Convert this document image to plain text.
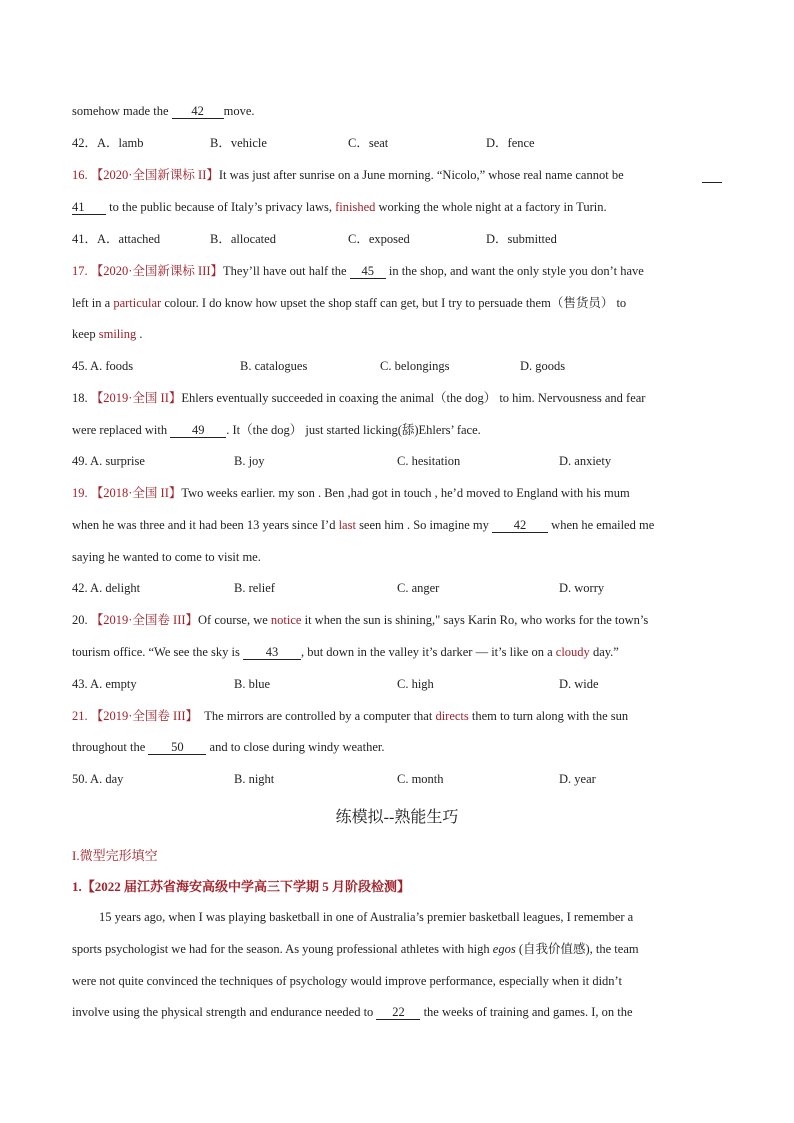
somehow made the 42 move.
42．A．lamb	B．vehicle	C．seat	D．fence
16. 【2020·全国新课标 II】It was just after sunrise on a June morning. “Nicolo,” whose real name cannot be

41 to the public because of Italy’s privacy laws, finished working the whole night at a factory in Turin.
41．A．attached	B．allocated	C．exposed	D．submitted
17. 【2020·全国新课标 III】They’ll have out half the 45 in the shop, and want the only style you don’t have
left in a particular colour. I do know how upset the shop staff can get, but I try to persuade them（售货员） to
keep smiling .
45. A. foods	B. catalogues	C. belongings	D. goods
18. 【2019·全国 II】Ehlers eventually succeeded in coaxing the animal（the dog） to him. Nervousness and fear
were replaced with 49 . It（the dog） just started licking(舔)Ehlers’ face.
49. A. surprise	B. joy	C. hesitation	D. anxiety
19. 【2018·全国 II】Two weeks earlier. my son . Ben ,had got in touch , he’d moved to England with his mum
when he was three and it had been 13 years since I’d last seen him . So imagine my 42 when he emailed me
saying he wanted to come to visit me.
42. A. delight	B. relief	C. anger	D. worry
20. 【2019·全国卷 III】Of course, we notice it when the sun is shining," says Karin Ro, who works for the town’s
tourism office. “We see the sky is 43 , but down in the valley it’s darker — it’s like on a cloudy day.”
43. A. empty	B. blue	C. high	D. wide
21. 【2019·全国卷 III】 The mirrors are controlled by a computer that directs them to turn along with the sun
throughout the 50 and to close during windy weather.
50. A. day	B. night	C. month	D. year
练模拟--熟能生巧
I.微型完形填空
1.【2022 届江苏省海安高级中学高三下学期 5 月阶段检测】
15 years ago, when I was playing basketball in one of Australia’s premier basketball leagues, I remember a
sports psychologist we had for the season. As young professional athletes with high egos (自我价值感), the team
were not quite convinced the techniques of psychology would improve performance, especially when it didn’t
involve using the physical strength and endurance needed to 22 the weeks of training and games. I, on the
